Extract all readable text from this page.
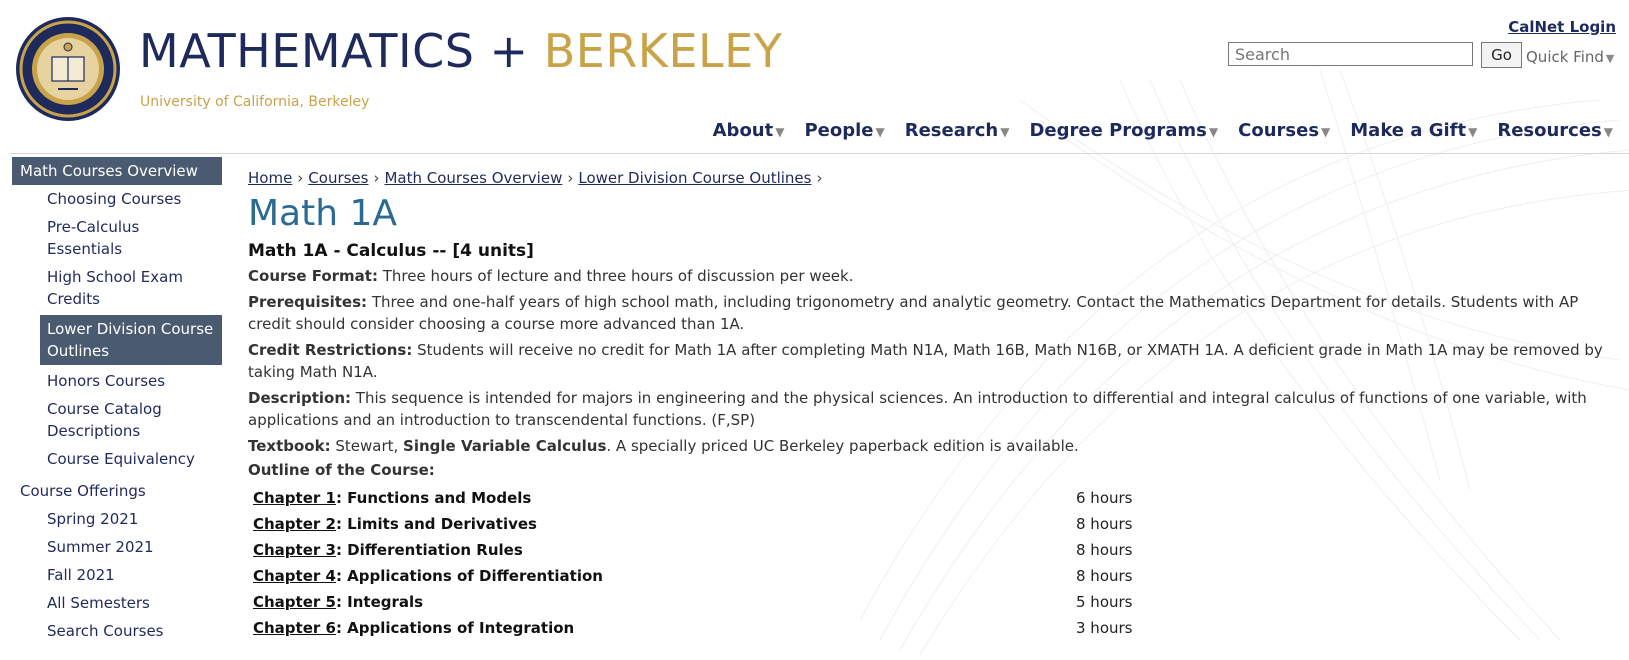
MATHEMATICS + BERKELEY
University of California, Berkeley
CalNet Login
Search
Go Quick Find ▼
About ▼ People ▼ Research ▼ Degree Programs ▼ Courses ▼ Make a Gift ▼ Resources ▼
Math Courses Overview
Choosing Courses
Pre-Calculus Essentials
High School Exam Credits
Lower Division Course Outlines
Honors Courses
Course Catalog Descriptions
Course Equivalency
Course Offerings
Spring 2021
Summer 2021
Fall 2021
All Semesters
Search Courses
Home › Courses › Math Courses Overview › Lower Division Course Outlines ›
Math 1A
Math 1A - Calculus -- [4 units]

Course Format: Three hours of lecture and three hours of discussion per week.

Prerequisites: Three and one-half years of high school math, including trigonometry and analytic geometry. Contact the Mathematics Department for details. Students with AP credit should consider choosing a course more advanced than 1A.

Credit Restrictions: Students will receive no credit for Math 1A after completing Math N1A, Math 16B, Math N16B, or XMATH 1A. A deficient grade in Math 1A may be removed by taking Math N1A.

Description: This sequence is intended for majors in engineering and the physical sciences. An introduction to differential and integral calculus of functions of one variable, with applications and an introduction to transcendental functions. (F,SP)

Textbook: Stewart, Single Variable Calculus. A specially priced UC Berkeley paperback edition is available.

Outline of the Course:
Chapter 1: Functions and Models	6 hours
Chapter 2: Limits and Derivatives	8 hours
Chapter 3: Differentiation Rules	8 hours
Chapter 4: Applications of Differentiation	8 hours
Chapter 5: Integrals	5 hours
Chapter 6: Applications of Integration	3 hours
